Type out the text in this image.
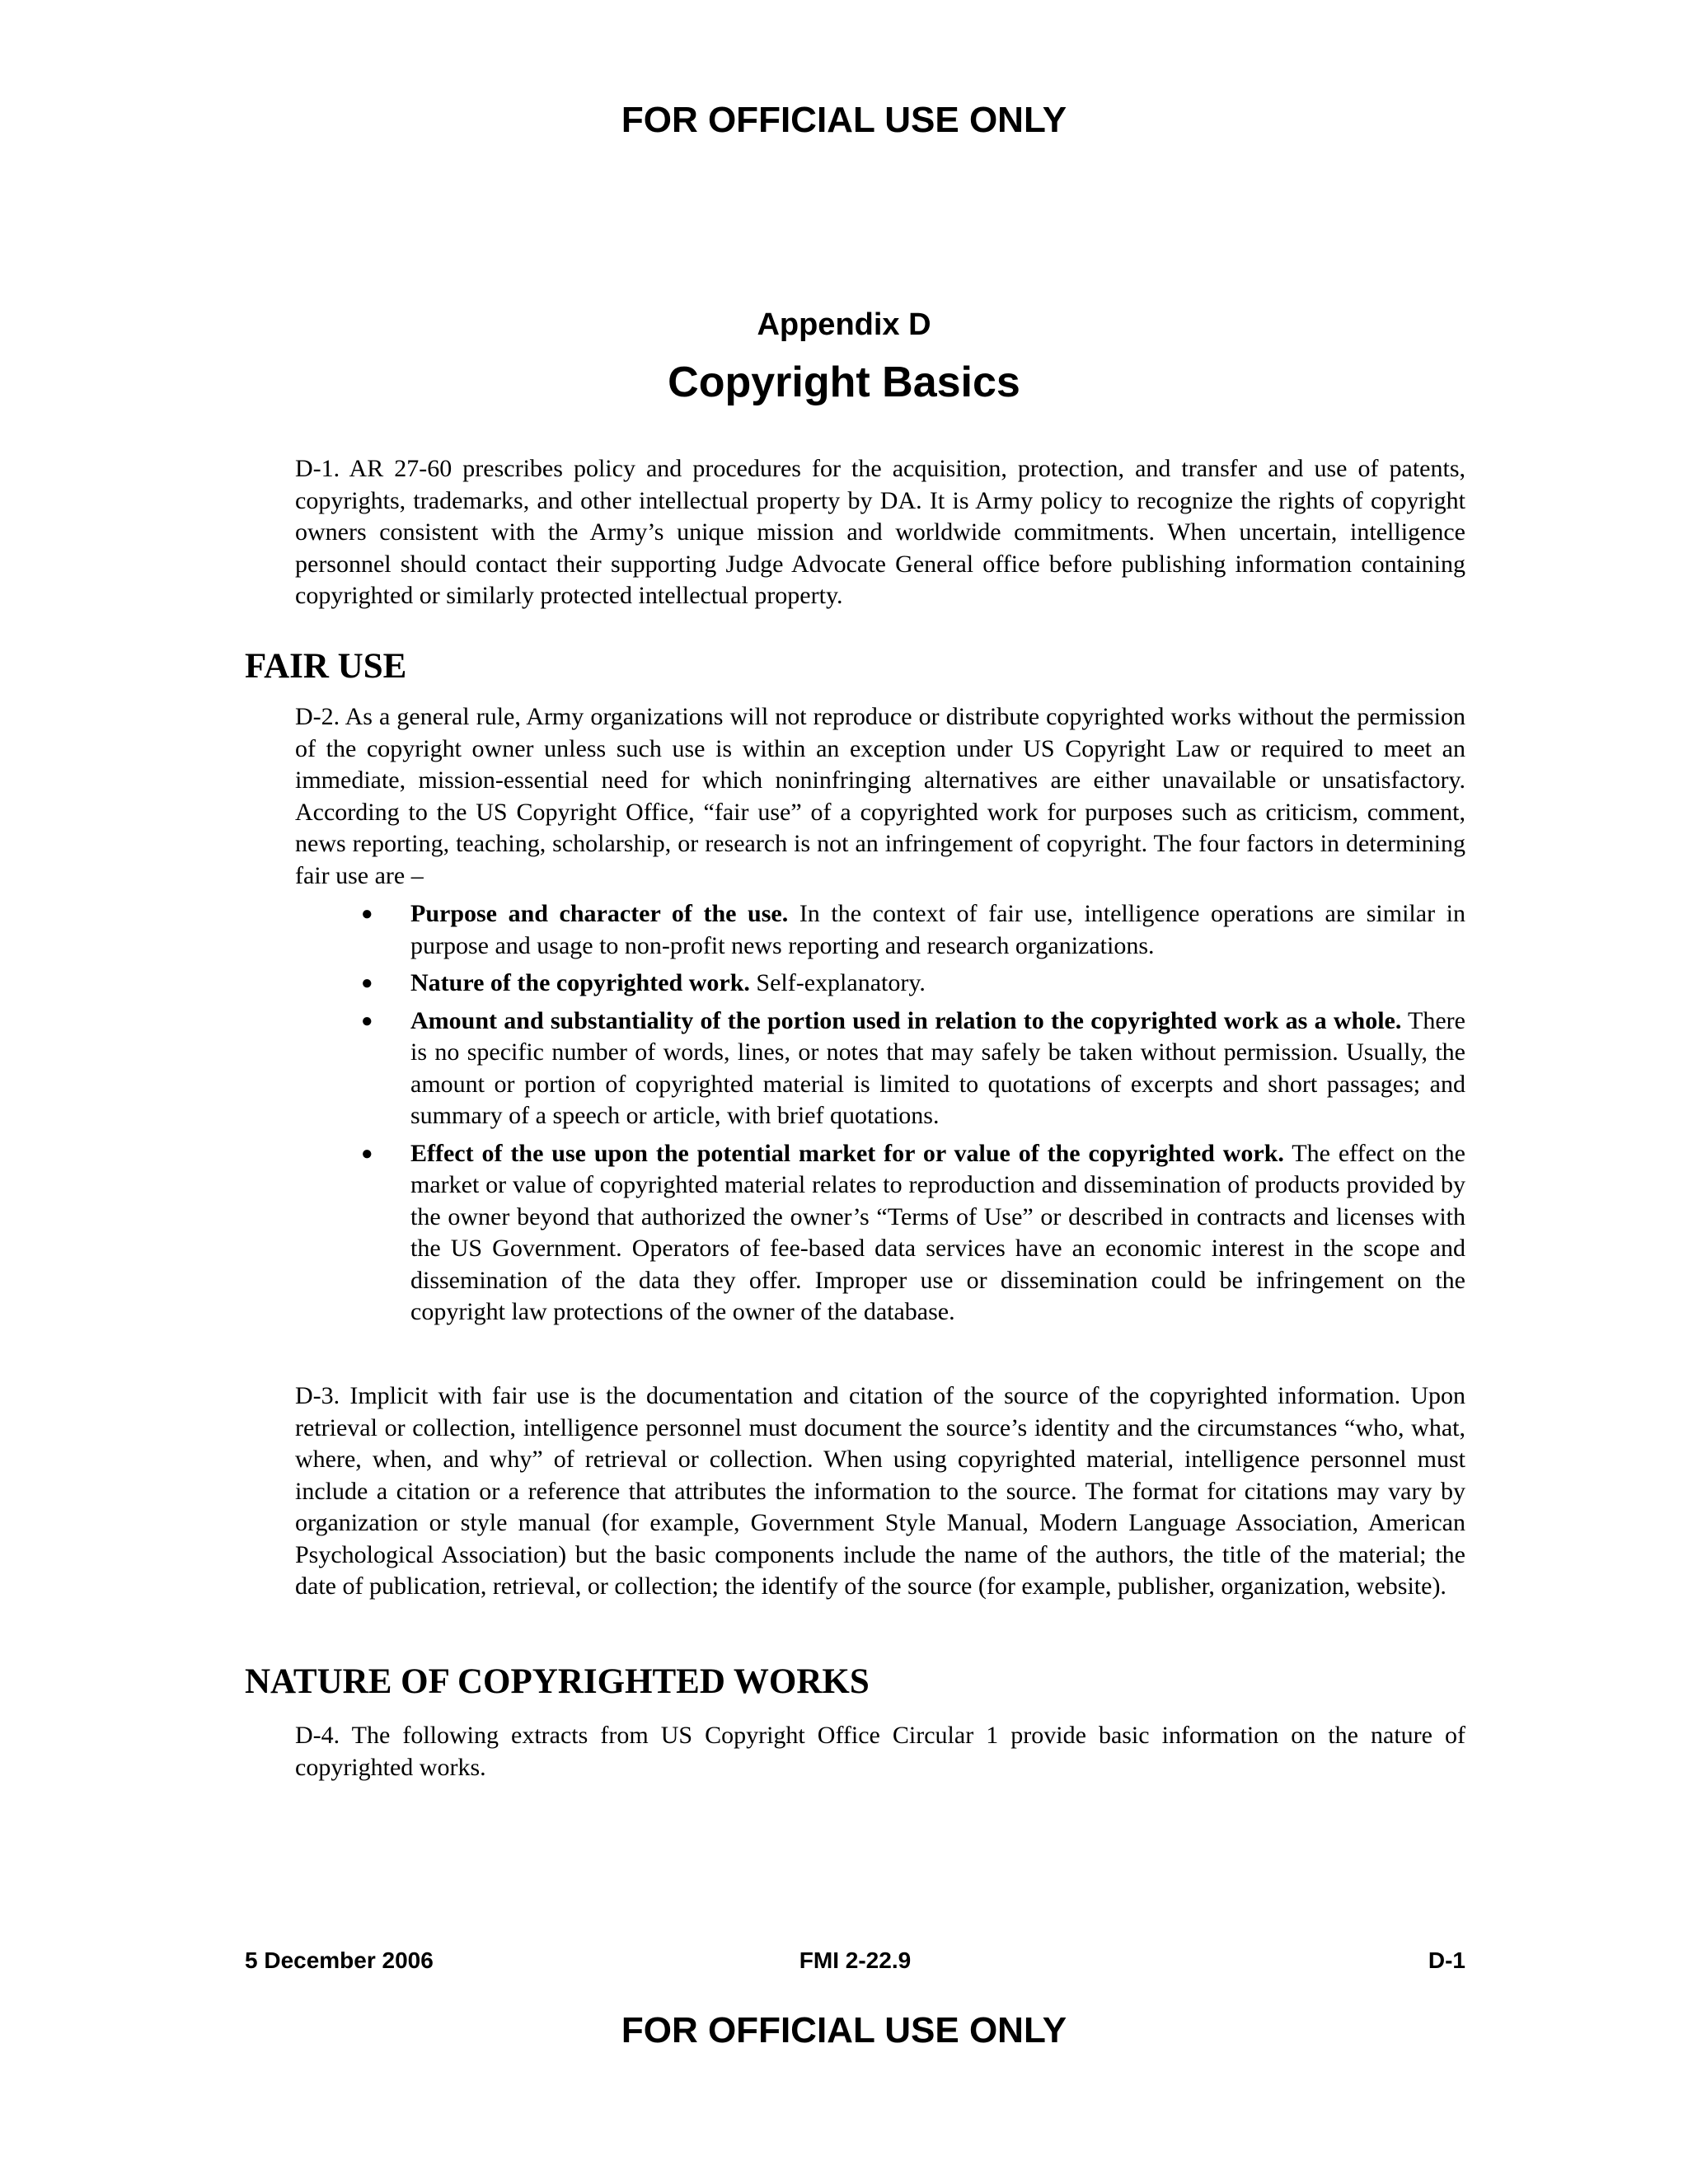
FOR OFFICIAL USE ONLY
Appendix D
Copyright Basics

D-1. AR 27-60 prescribes policy and procedures for the acquisition, protection, and transfer and use of patents, copyrights, trademarks, and other intellectual property by DA. It is Army policy to recognize the rights of copyright owners consistent with the Army’s unique mission and worldwide commitments. When uncertain, intelligence personnel should contact their supporting Judge Advocate General office before publishing information containing copyrighted or similarly protected intellectual property.

FAIR USE

D-2. As a general rule, Army organizations will not reproduce or distribute copyrighted works without the permission of the copyright owner unless such use is within an exception under US Copyright Law or required to meet an immediate, mission-essential need for which noninfringing alternatives are either unavailable or unsatisfactory. According to the US Copyright Office, “fair use” of a copyrighted work for purposes such as criticism, comment, news reporting, teaching, scholarship, or research is not an infringement of copyright. The four factors in determining fair use are –

● Purpose and character of the use. In the context of fair use, intelligence operations are similar in purpose and usage to non-profit news reporting and research organizations.
● Nature of the copyrighted work. Self-explanatory.
● Amount and substantiality of the portion used in relation to the copyrighted work as a whole. There is no specific number of words, lines, or notes that may safely be taken without permission. Usually, the amount or portion of copyrighted material is limited to quotations of excerpts and short passages; and summary of a speech or article, with brief quotations.
● Effect of the use upon the potential market for or value of the copyrighted work. The effect on the market or value of copyrighted material relates to reproduction and dissemination of products provided by the owner beyond that authorized the owner’s “Terms of Use” or described in contracts and licenses with the US Government. Operators of fee-based data services have an economic interest in the scope and dissemination of the data they offer. Improper use or dissemination could be infringement on the copyright law protections of the owner of the database.

D-3. Implicit with fair use is the documentation and citation of the source of the copyrighted information. Upon retrieval or collection, intelligence personnel must document the source’s identity and the circumstances “who, what, where, when, and why” of retrieval or collection. When using copyrighted material, intelligence personnel must include a citation or a reference that attributes the information to the source. The format for citations may vary by organization or style manual (for example, Government Style Manual, Modern Language Association, American Psychological Association) but the basic components include the name of the authors, the title of the material; the date of publication, retrieval, or collection; the identify of the source (for example, publisher, organization, website).

NATURE OF COPYRIGHTED WORKS

D-4. The following extracts from US Copyright Office Circular 1 provide basic information on the nature of copyrighted works.

5 December 2006	FMI 2-22.9	D-1
FOR OFFICIAL USE ONLY
